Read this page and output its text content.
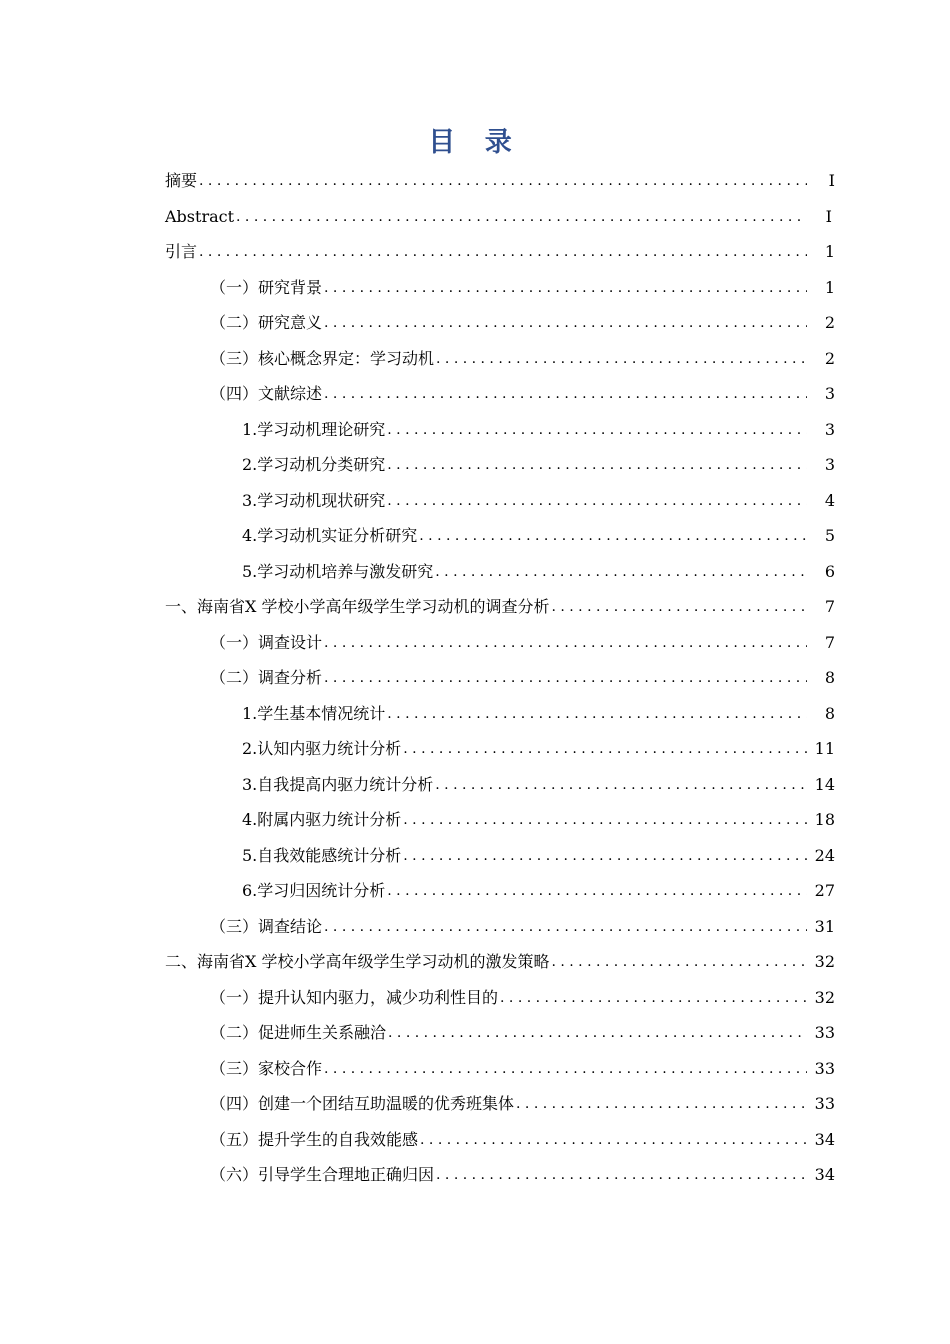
目 录
摘要 . . .	I
Abstract . . .	I
引言 . . .	1
（一）研究背景 . . .	1
（二）研究意义 . . .	2
（三）核心概念界定：学习动机 . . .	2
（四）文献综述 . . .	3
1.学习动机理论研究 . . .	3
2.学习动机分类研究 . . .	3
3.学习动机现状研究 . . .	4
4.学习动机实证分析研究 . . .	5
5.学习动机培养与激发研究 . . .	6
一、海南省X 学校小学高年级学生学习动机的调查分析 . . .	7
（一）调查设计 . . .	7
（二）调查分析 . . .	8
1.学生基本情况统计 . . .	8
2.认知内驱力统计分析 . . .	11
3.自我提高内驱力统计分析 . . .	14
4.附属内驱力统计分析 . . .	18
5.自我效能感统计分析 . . .	24
6.学习归因统计分析 . . .	27
（三）调查结论 . . .	31
二、海南省X 学校小学高年级学生学习动机的激发策略 . . .	32
（一）提升认知内驱力，减少功利性目的 . . .	32
（二）促进师生关系融洽 . . .	33
（三）家校合作 . . .	33
（四）创建一个团结互助温暖的优秀班集体 . . .	33
（五）提升学生的自我效能感 . . .	34
（六）引导学生合理地正确归因 . . .	34
